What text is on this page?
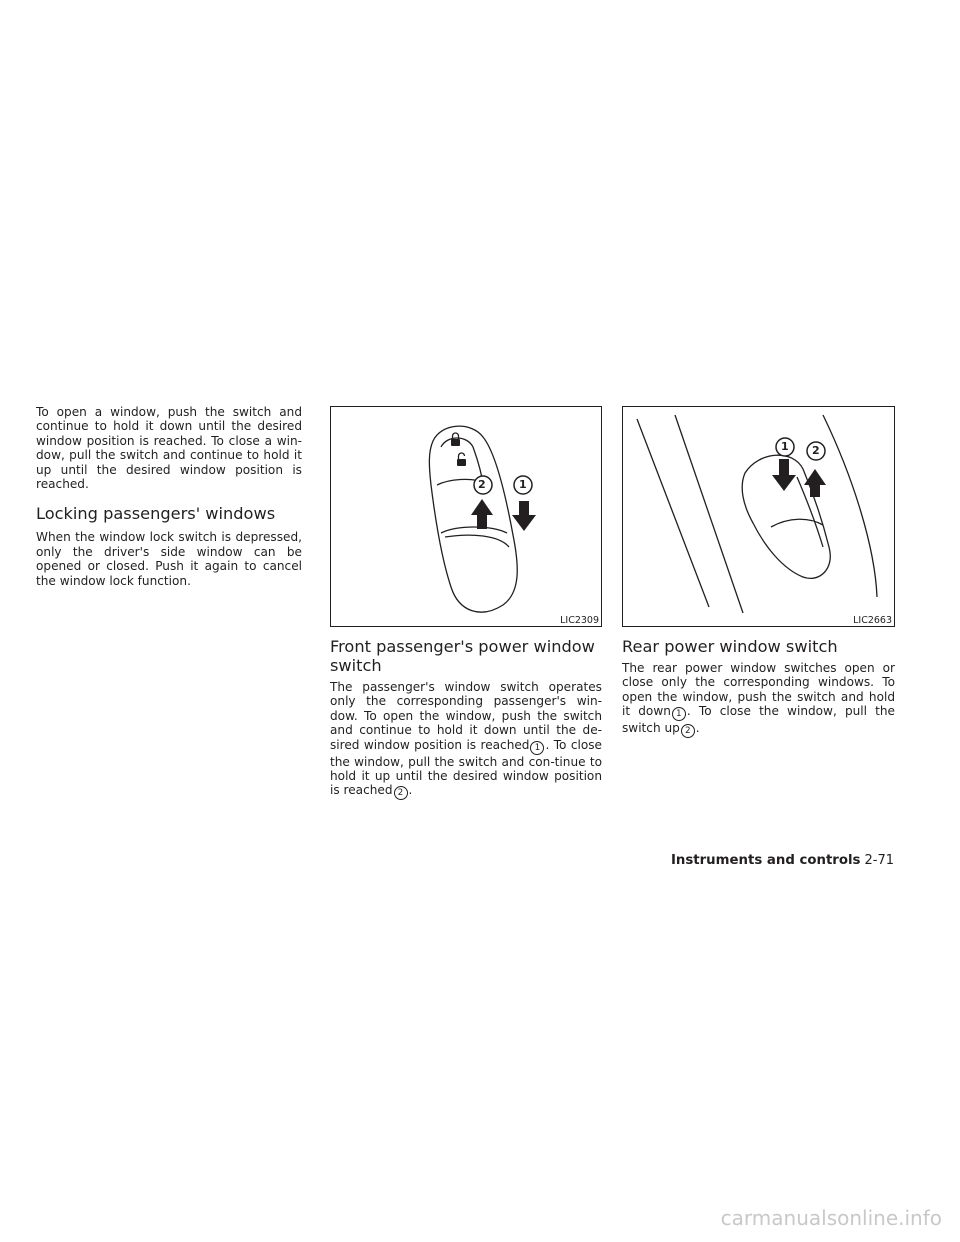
To open a window, push the switch and continue to hold it down until the desired window position is reached. To close a win-dow, pull the switch and continue to hold it up until the desired window position is reached.

Locking passengers' windows

When the window lock switch is depressed, only the driver's side window can be opened or closed. Push it again to cancel the window lock function.

2	1
LIC2309
Front passenger's power window
switch

The passenger's window switch operates only the corresponding passenger's win-dow. To open the window, push the switch and continue to hold it down until the de-sired window position is reached 1 . To close the window, pull the switch and con-tinue to hold it up until the desired window position is reached 2 .

1 2
LIC2663
Rear power window switch

The rear power window switches open or close only the corresponding windows. To open the window, push the switch and hold it down 1 . To close the window, pull the switch up 2 .

Instruments and controls 2-71
carmanualsonline.info
